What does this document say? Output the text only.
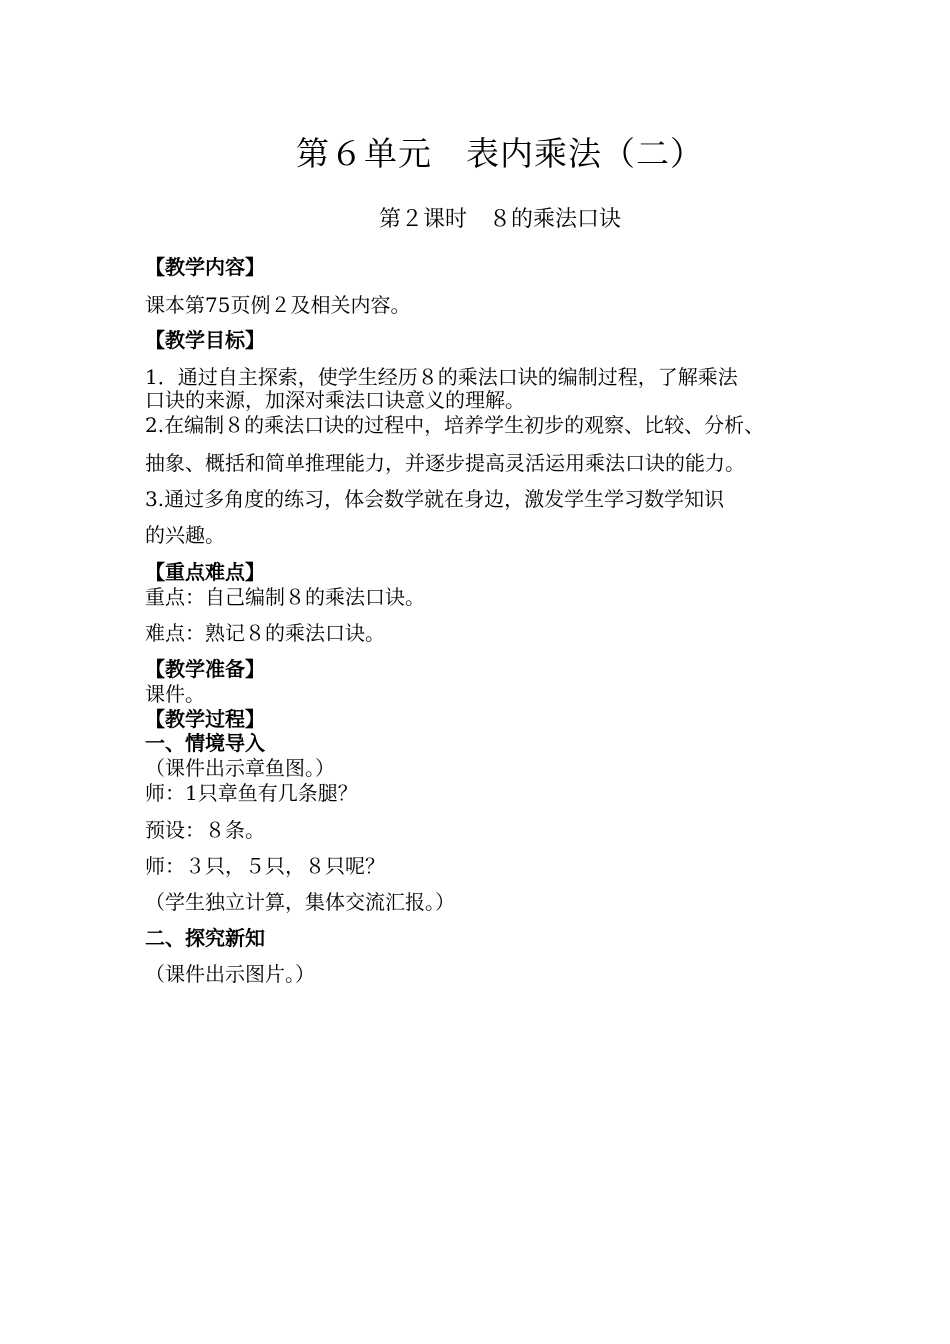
第６单元　表内乘法（二）
第２课时　８的乘法口诀
【教学内容】
课本第75页例２及相关内容。
【教学目标】
1．通过自主探索，使学生经历８的乘法口诀的编制过程，了解乘法
口诀的来源，加深对乘法口诀意义的理解。
2.在编制８的乘法口诀的过程中，培养学生初步的观察、比较、分析、
抽象、概括和简单推理能力，并逐步提高灵活运用乘法口诀的能力。
3.通过多角度的练习，体会数学就在身边，激发学生学习数学知识
的兴趣。
【重点难点】
重点：自己编制８的乘法口诀。
难点：熟记８的乘法口诀。
【教学准备】
课件。
【教学过程】
一、情境导入
（课件出示章鱼图。）
师：1只章鱼有几条腿？
预设：８条。
师：３只，５只，８只呢？
（学生独立计算，集体交流汇报。）
二、探究新知
（课件出示图片。）
